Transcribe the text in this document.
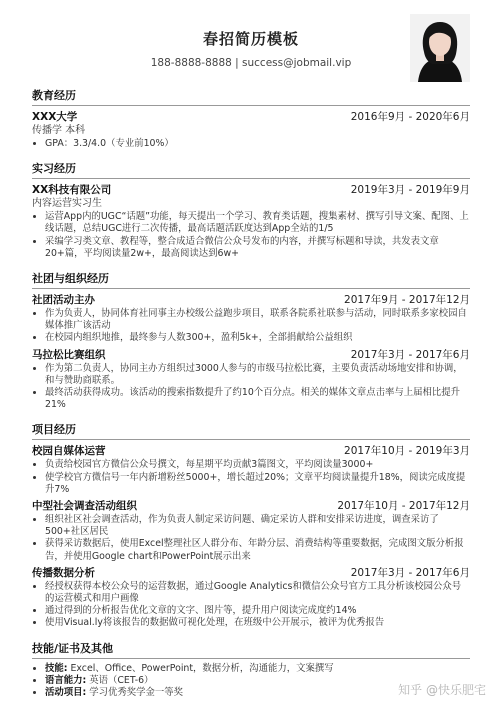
春招简历模板
188-8888-8888 | success@jobmail.vip
教育经历
XXX大学	2016年9月 - 2020年6月
传播学 本科
• GPA：3.3/4.0（专业前10%）
实习经历
XX科技有限公司	2019年3月 - 2019年9月
内容运营实习生
• 运营App内的UGC“话题”功能，每天提出一个学习、教育类话题，搜集素材、撰写引导文案、配图、上线话题，总结UGC进行二次传播，最高话题活跃度达到App全站的1/5
• 采编学习类文章、教程等，整合成适合微信公众号发布的内容，并撰写标题和导读，共发表文章20+篇，平均阅读量2w+，最高阅读达到6w+
社团与组织经历
社团活动主办	2017年9月 - 2017年12月
• 作为负责人，协同体育社同事主办校级公益跑步项目，联系各院系社联参与活动，同时联系多家校园自媒体推广该活动
• 在校园内组织地推，最终参与人数300+，盈利5k+，全部捐献给公益组织
马拉松比赛组织	2017年3月 - 2017年6月
• 作为第二负责人，协同主办方组织过3000人参与的市级马拉松比赛，主要负责活动场地安排和协调，和与赞助商联系。
• 最终活动获得成功。该活动的搜索指数提升了约10个百分点。相关的媒体文章点击率与上届相比提升21%
项目经历
校园自媒体运营	2017年10月 - 2019年3月
• 负责给校园官方微信公众号撰文，每星期平均贡献3篇图文，平均阅读量3000+
• 使学校官方微信号一年内新增粉丝5000+，增长超过20%；文章平均阅读量提升18%，阅读完成度提升7%
中型社会调查活动组织	2017年10月 - 2017年12月
• 组织社区社会调查活动，作为负责人制定采访问题、确定采访人群和安排采访进度，调查采访了500+社区居民
• 获得采访数据后，使用Excel整理社区人群分布、年龄分层、消费结构等重要数据，完成图文版分析报告，并使用Google chart和PowerPoint展示出来
传播数据分析	2017年3月 - 2017年6月
• 经授权获得本校公众号的运营数据，通过Google Analytics和微信公众号官方工具分析该校园公众号的运营模式和用户画像
• 通过得到的分析报告优化文章的文字、图片等，提升用户阅读完成度约14%
• 使用Visual.ly将该报告的数据做可视化处理，在班级中公开展示，被评为优秀报告
技能/证书及其他
• 技能: Excel、Office、PowerPoint，数据分析，沟通能力，文案撰写
• 语言能力: 英语（CET-6）
• 活动项目: 学习优秀奖学金一等奖	知乎 @快乐肥宅
